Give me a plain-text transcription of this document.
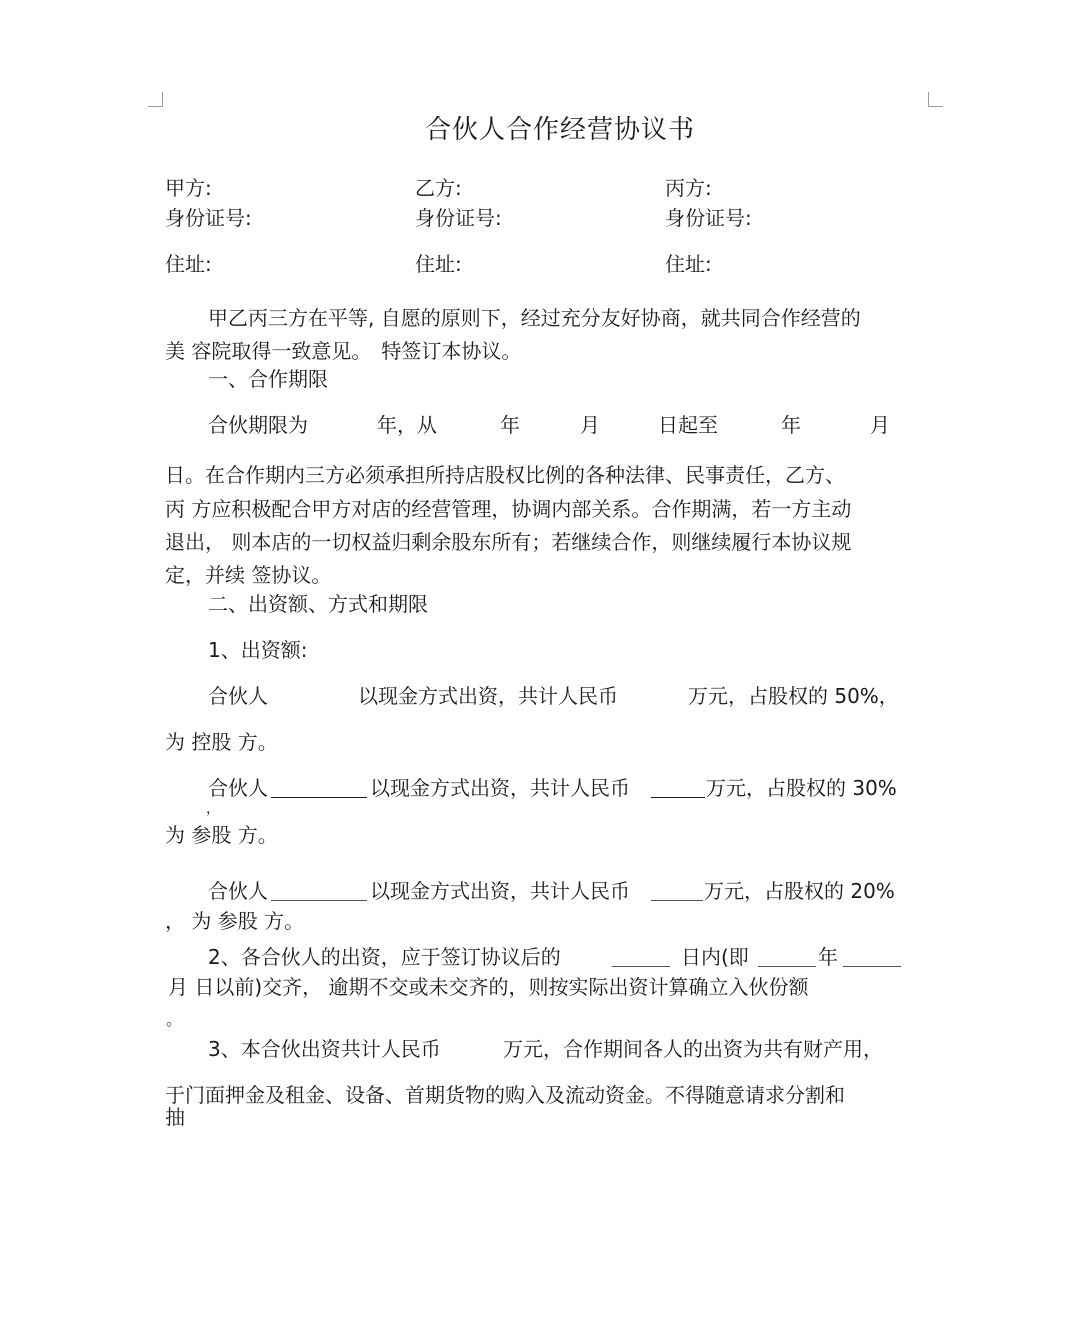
合伙人合作经营协议书
甲方:	乙方:	丙方:
身份证号:	身份证号:	身份证号:
住址:	住址:	住址:
甲乙丙三方在平等, 自愿的原则下，经过充分友好协商，就共同合作经营的
美 容院取得一致意见。　特签订本协议。
一、合作期限
合伙期限为	年，从	年	月	日起至	年	月
日。在合作期内三方必须承担所持店股权比例的各种法律、民事责任，乙方、
丙 方应积极配合甲方对店的经营管理，协调内部关系。合作期满，若一方主动
退出， 则本店的一切权益归剩余股东所有；若继续合作，则继续履行本协议规
定，并续 签协议。
二、出资额、方式和期限
1、出资额:
合伙人	以现金方式出资，共计人民币	万元，占股权的 50%，
为 控股 方。
合伙人	以现金方式出资，共计人民币	万元，占股权的 30%
，
为 参股 方。
合伙人	以现金方式出资，共计人民币	万元，占股权的 20%
， 为 参股 方。
2、各合伙人的出资，应于签订协议后的	日内(即	年
月 日以前)交齐， 逾期不交或未交齐的，则按实际出资计算确立入伙份额
。
3、本合伙出资共计人民币	万元，合作期间各人的出资为共有财产用，
于门面押金及租金、设备、首期货物的购入及流动资金。不得随意请求分割和
抽
